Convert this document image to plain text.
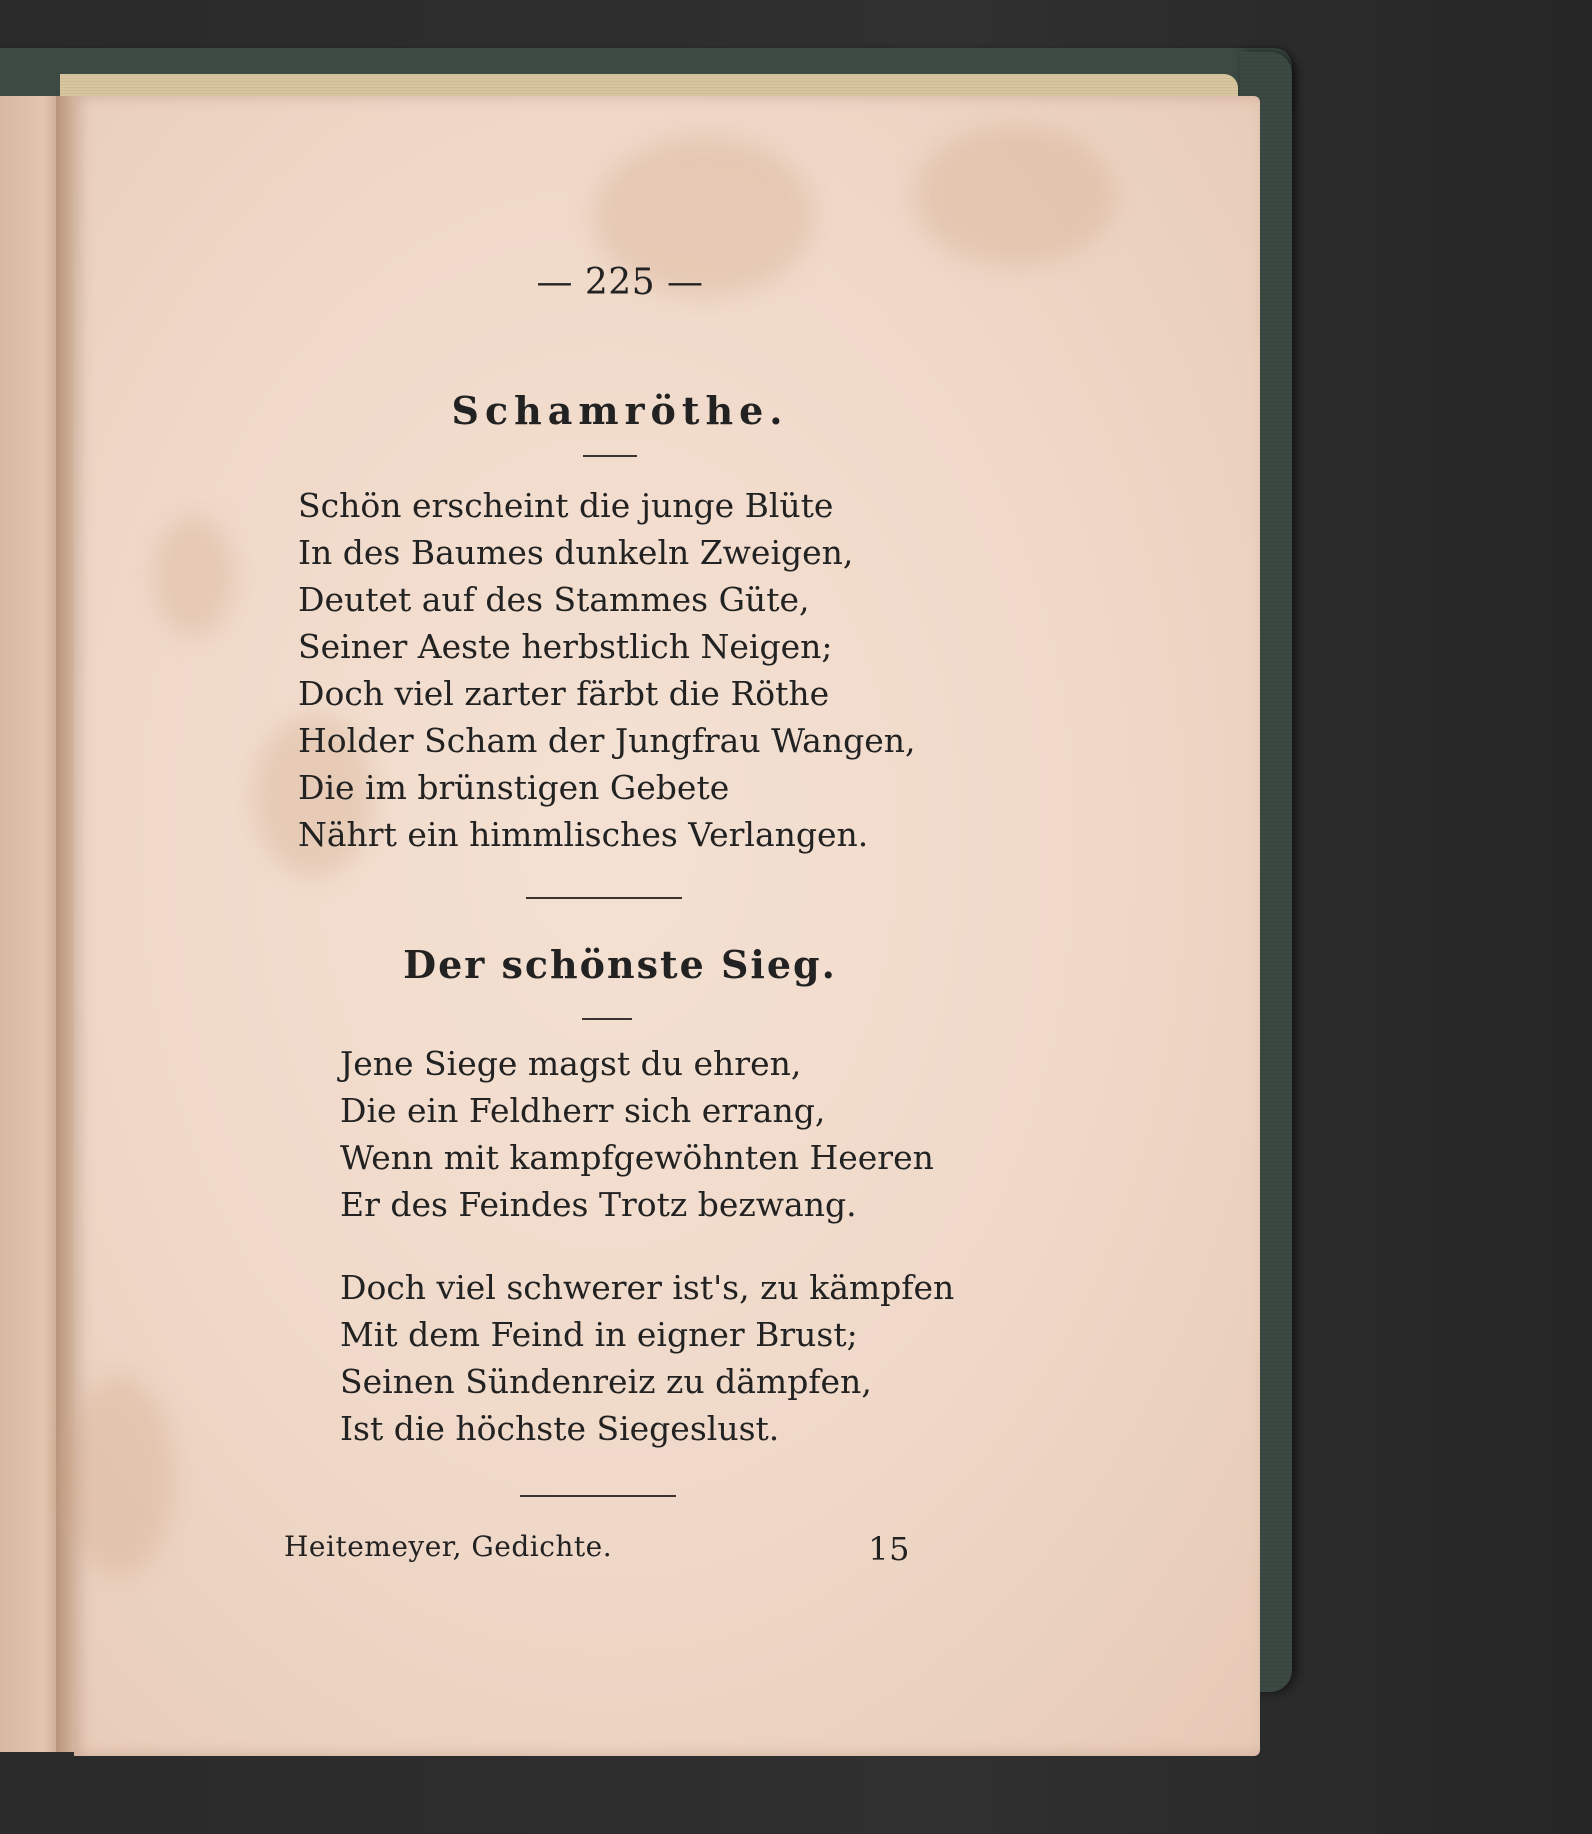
— 225 —
Schamröthe.
Schön erscheint die junge Blüte
In des Baumes dunkeln Zweigen,
Deutet auf des Stammes Güte,
Seiner Aeste herbstlich Neigen;
Doch viel zarter färbt die Röthe
Holder Scham der Jungfrau Wangen,
Die im brünstigen Gebete
Nährt ein himmlisches Verlangen.
Der schönste Sieg.
Jene Siege magst du ehren,
Die ein Feldherr sich errang,
Wenn mit kampfgewöhnten Heeren
Er des Feindes Trotz bezwang.
Doch viel schwerer ist's, zu kämpfen
Mit dem Feind in eigner Brust;
Seinen Sündenreiz zu dämpfen,
Ist die höchste Siegeslust.
Heitemeyer, Gedichte.	15
